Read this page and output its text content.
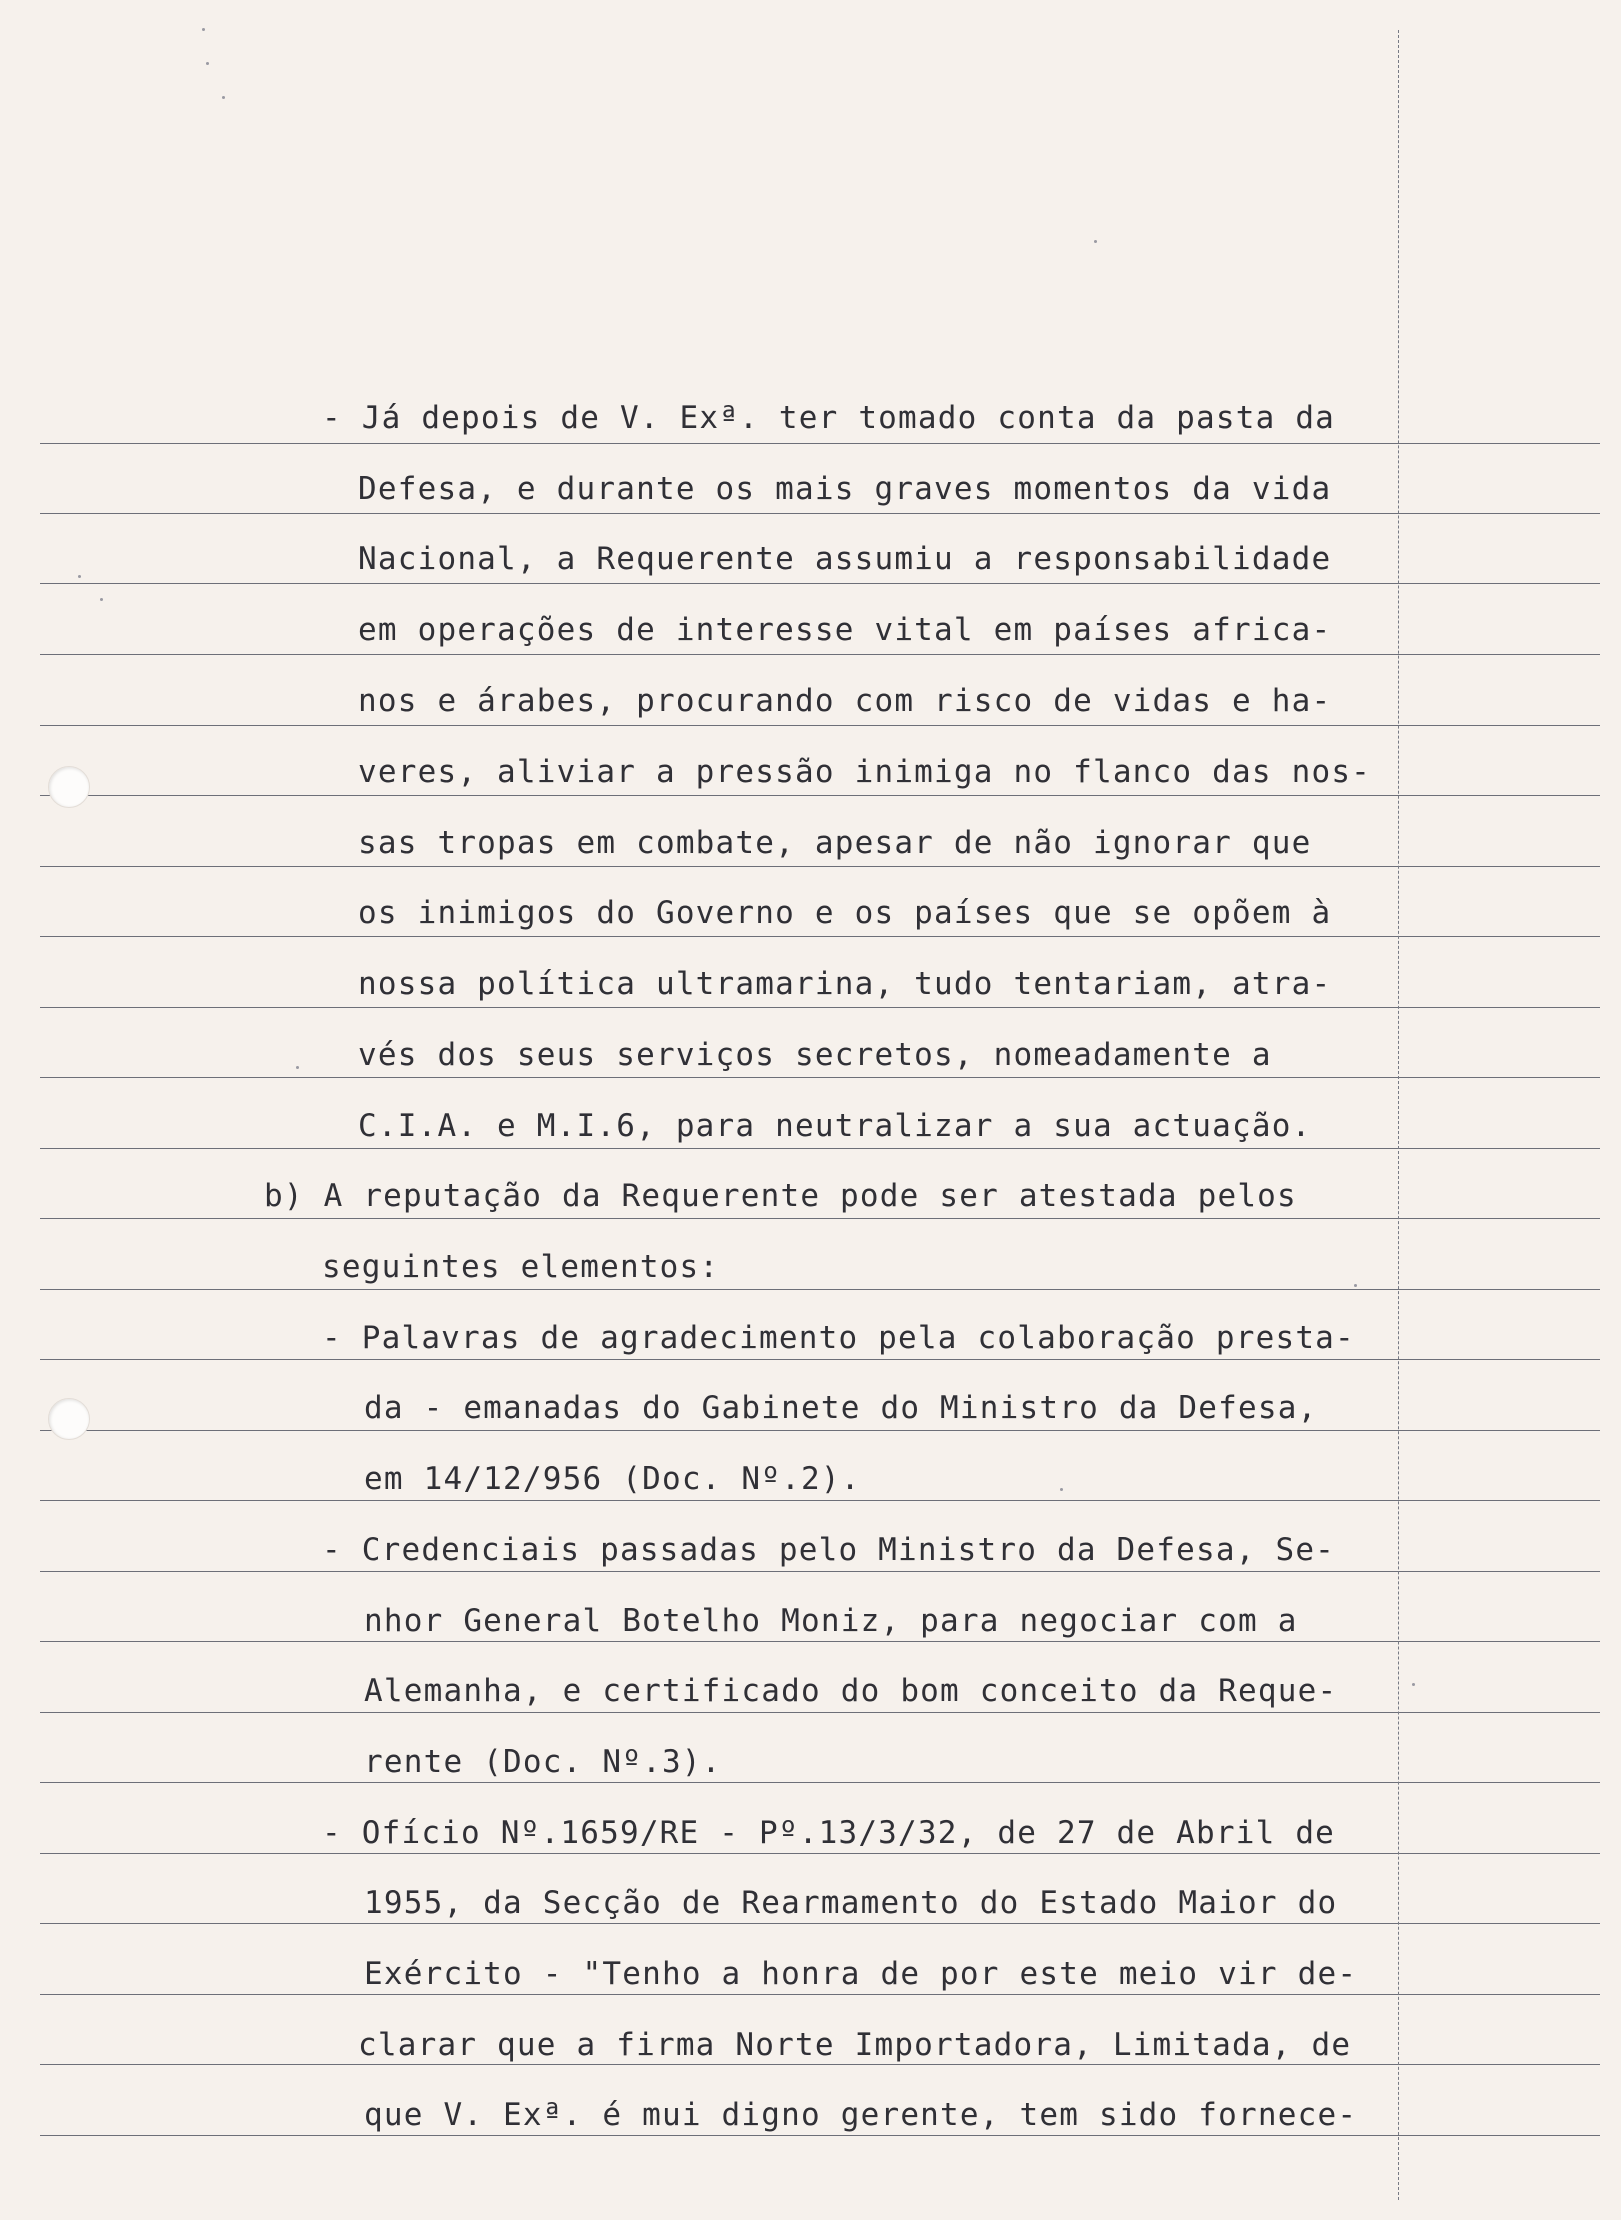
- Já depois de V. Exª. ter tomado conta da pasta da
Defesa, e durante os mais graves momentos da vida
Nacional, a Requerente assumiu a responsabilidade
em operações de interesse vital em países africa-
nos e árabes, procurando com risco de vidas e ha-
veres, aliviar a pressão inimiga no flanco das nos-
sas tropas em combate, apesar de não ignorar que
os inimigos do Governo e os países que se opõem à
nossa política ultramarina, tudo tentariam, atra-
vés dos seus serviços secretos, nomeadamente a
C.I.A. e M.I.6, para neutralizar a sua actuação.
b) A reputação da Requerente pode ser atestada pelos
seguintes elementos:
- Palavras de agradecimento pela colaboração presta-
da - emanadas do Gabinete do Ministro da Defesa,
em 14/12/956 (Doc. Nº.2).
- Credenciais passadas pelo Ministro da Defesa, Se-
nhor General Botelho Moniz, para negociar com a
Alemanha, e certificado do bom conceito da Reque-
rente (Doc. Nº.3).
- Ofício Nº.1659/RE - Pº.13/3/32, de 27 de Abril de
1955, da Secção de Rearmamento do Estado Maior do
Exército - "Tenho a honra de por este meio vir de-
clarar que a firma Norte Importadora, Limitada, de
que V. Exª. é mui digno gerente, tem sido fornece-
